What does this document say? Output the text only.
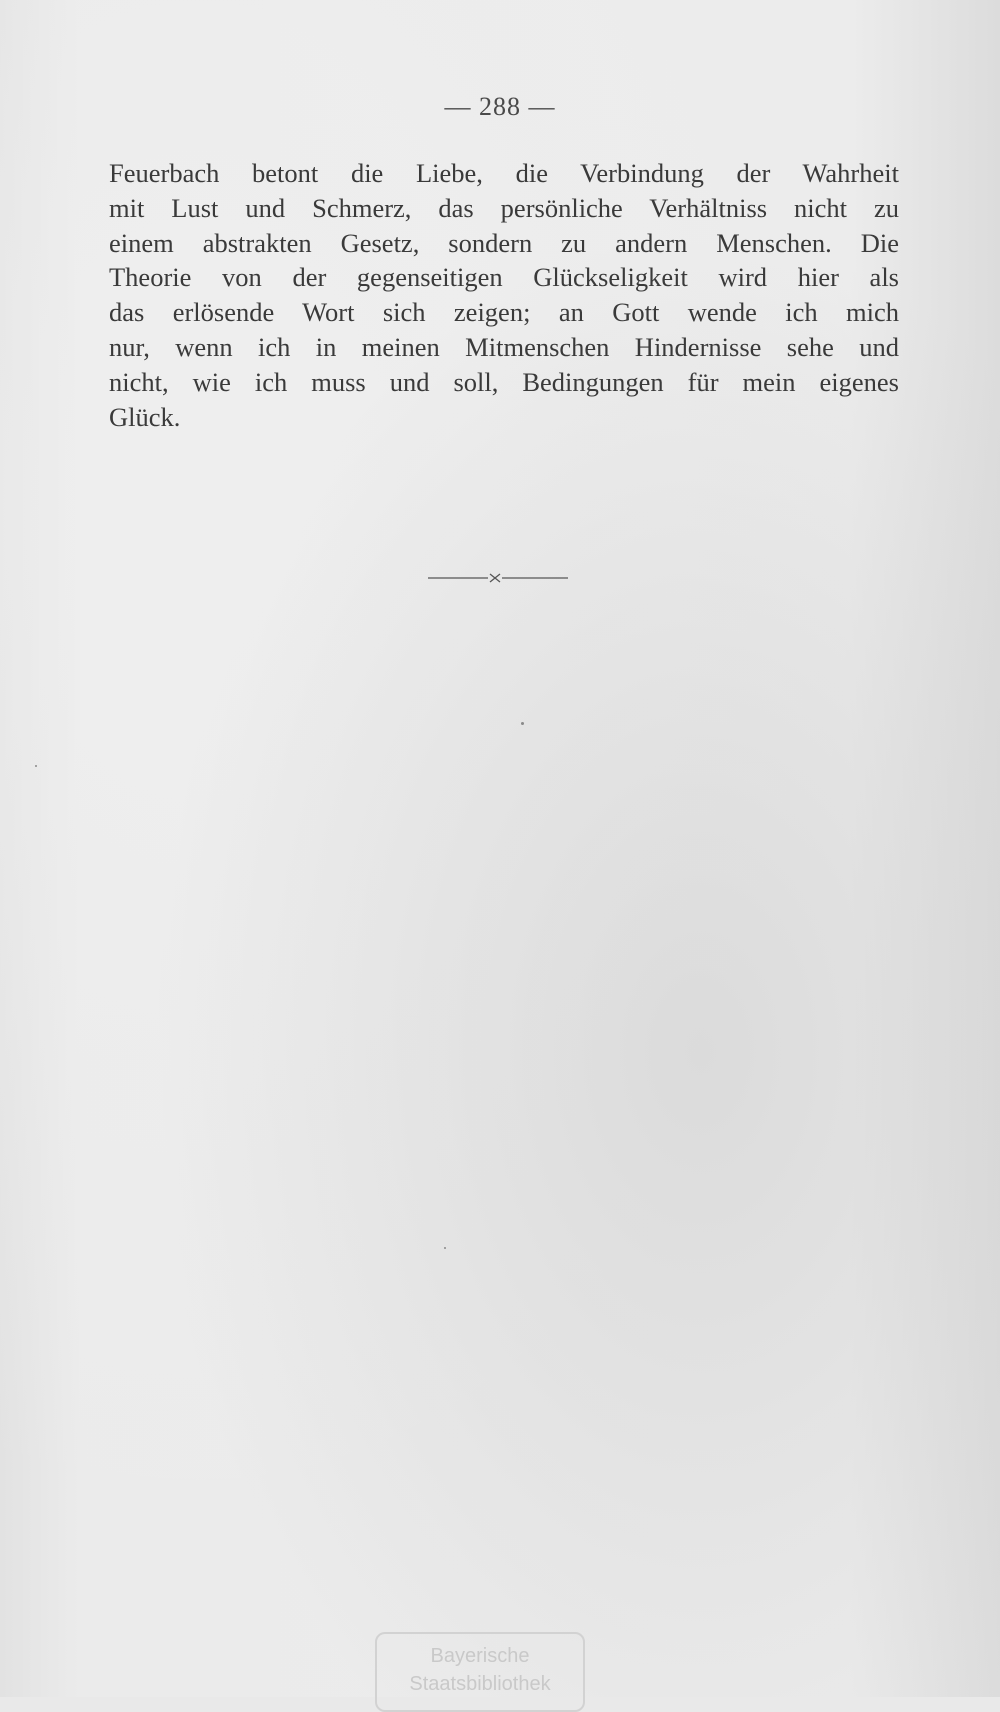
— 288 —

Feuerbach betont die Liebe, die Verbindung der Wahrheit
mit Lust und Schmerz, das persönliche Verhältniss nicht zu
einem abstrakten Gesetz, sondern zu andern Menschen. Die
Theorie von der gegenseitigen Glückseligkeit wird hier als
das erlösende Wort sich zeigen; an Gott wende ich mich
nur, wenn ich in meinen Mitmenschen Hindernisse sehe und
nicht, wie ich muss und soll, Bedingungen für mein eigenes
Glück.

Bayerische
Staatsbibliothek
